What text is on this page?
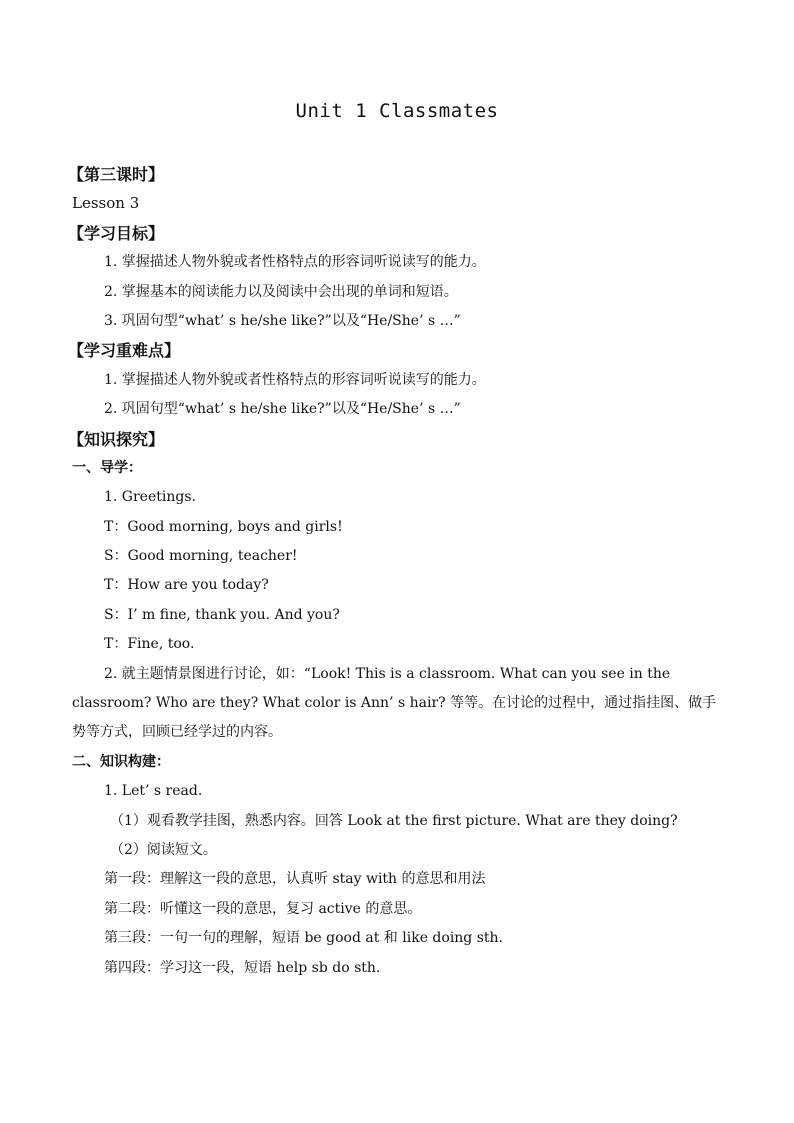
Unit 1 Classmates
【第三课时】
Lesson 3
【学习目标】
1. 掌握描述人物外貌或者性格特点的形容词听说读写的能力。
2. 掌握基本的阅读能力以及阅读中会出现的单词和短语。
3. 巩固句型“what’ s he/she like?”以及“He/She’ s …”
【学习重难点】
1. 掌握描述人物外貌或者性格特点的形容词听说读写的能力。
2. 巩固句型“what’ s he/she like?”以及“He/She’ s …”
【知识探究】
一、导学：
1. Greetings.
T：Good morning, boys and girls!
S：Good morning, teacher!
T：How are you today?
S：I’ m fine, thank you. And you?
T：Fine, too.
2. 就主题情景图进行讨论，如：“Look! This is a classroom. What can you see in the classroom? Who are they? What color is Ann’ s hair? 等等。在讨论的过程中，通过指挂图、做手势等方式，回顾已经学过的内容。
二、知识构建：
1. Let’ s read.
（1）观看教学挂图，熟悉内容。回答 Look at the first picture. What are they doing?
（2）阅读短文。
第一段：理解这一段的意思，认真听 stay with 的意思和用法
第二段：听懂这一段的意思，复习 active 的意思。
第三段：一句一句的理解，短语 be good at 和 like doing sth.
第四段：学习这一段，短语 help sb do sth.
